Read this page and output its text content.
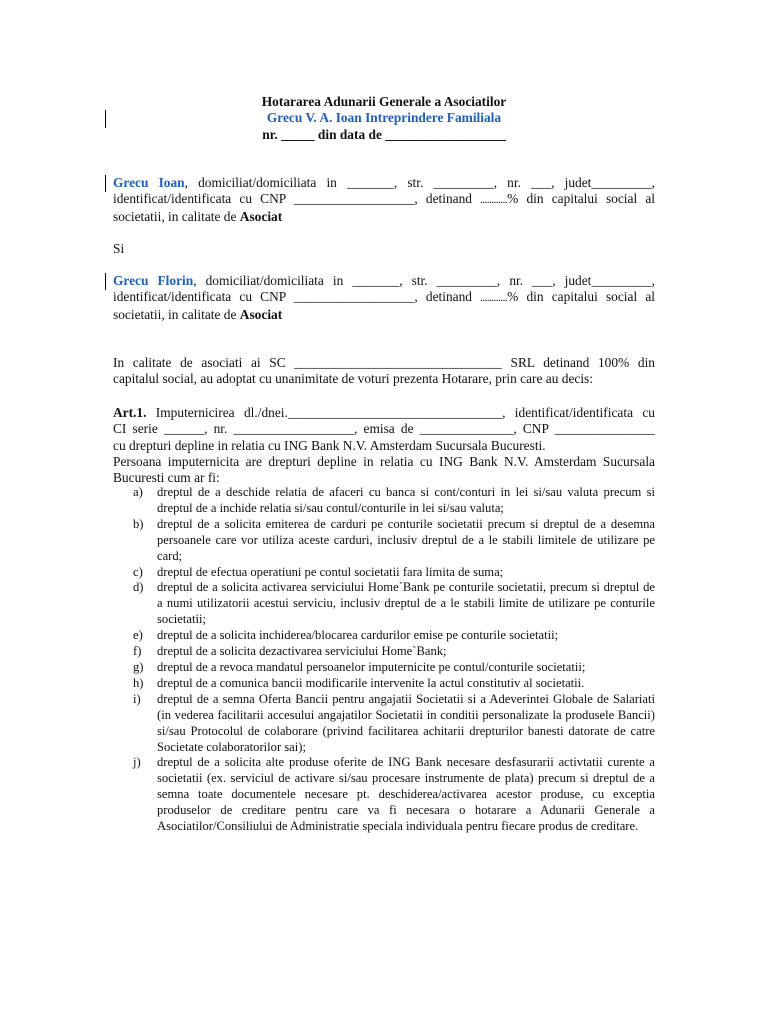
Hotararea Adunarii Generale a Asociatilor
Grecu V. A. Ioan Intreprindere Familiala
nr. _____ din data de __________________
Grecu Ioan, domiciliat/domiciliata in _______, str. _________, nr. ___, judet_________,
identificat/identificata cu CNP __________________, detinand ............% din capitalui social al
societatii, in calitate de Asociat
Si
Grecu Florin, domiciliat/domiciliata in _______, str. _________, nr. ___, judet_________,
identificat/identificata cu CNP __________________, detinand ............% din capitalui social al
societatii, in calitate de Asociat
In calitate de asociati ai SC _______________________________ SRL detinand 100% din
capitalul social, au adoptat cu unanimitate de voturi prezenta Hotarare, prin care au decis:
Art.1. Imputernicirea dl./dnei.________________________________, identificat/identificata cu
CI serie ______, nr. __________________, emisa de ______________, CNP _______________
cu drepturi depline in relatia cu ING Bank N.V. Amsterdam Sucursala Bucuresti.
Persoana imputernicita are drepturi depline in relatia cu ING Bank N.V. Amsterdam Sucursala
Bucuresti cum ar fi:
a) dreptul de a deschide relatia de afaceri cu banca si cont/conturi in lei si/sau valuta precum si dreptul de a inchide relatia si/sau contul/conturile in lei si/sau valuta;
b) dreptul de a solicita emiterea de carduri pe conturile societatii precum si dreptul de a desemna persoanele care vor utiliza aceste carduri, inclusiv dreptul de a le stabili limitele de utilizare pe card;
c) dreptul de efectua operatiuni pe contul societatii fara limita de suma;
d) dreptul de a solicita activarea serviciului Home`Bank pe conturile societatii, precum si dreptul de a numi utilizatorii acestui serviciu, inclusiv dreptul de a le stabili limite de utilizare pe conturile societatii;
e) dreptul de a solicita inchiderea/blocarea cardurilor emise pe conturile societatii;
f) dreptul de a solicita dezactivarea serviciului Home`Bank;
g) dreptul de a revoca mandatul persoanelor imputernicite pe contul/conturile societatii;
h) dreptul de a comunica bancii modificarile intervenite la actul constitutiv al societatii.
i) dreptul de a semna Oferta Bancii pentru angajatii Societatii si a Adeverintei Globale de Salariati (in vederea facilitarii accesului angajatilor Societatii in conditii personalizate la produsele Bancii) si/sau Protocolul de colaborare (privind facilitarea achitarii drepturilor banesti datorate de catre Societate colaboratorilor sai);
j) dreptul de a solicita alte produse oferite de ING Bank necesare desfasurarii activtatii curente a societatii (ex. serviciul de activare si/sau procesare instrumente de plata) precum si dreptul de a semna toate documentele necesare pt. deschiderea/activarea acestor produse, cu exceptia produselor de creditare pentru care va fi necesara o hotarare a Adunarii Generale a Asociatilor/Consiliului de Administratie speciala individuala pentru fiecare produs de creditare.
